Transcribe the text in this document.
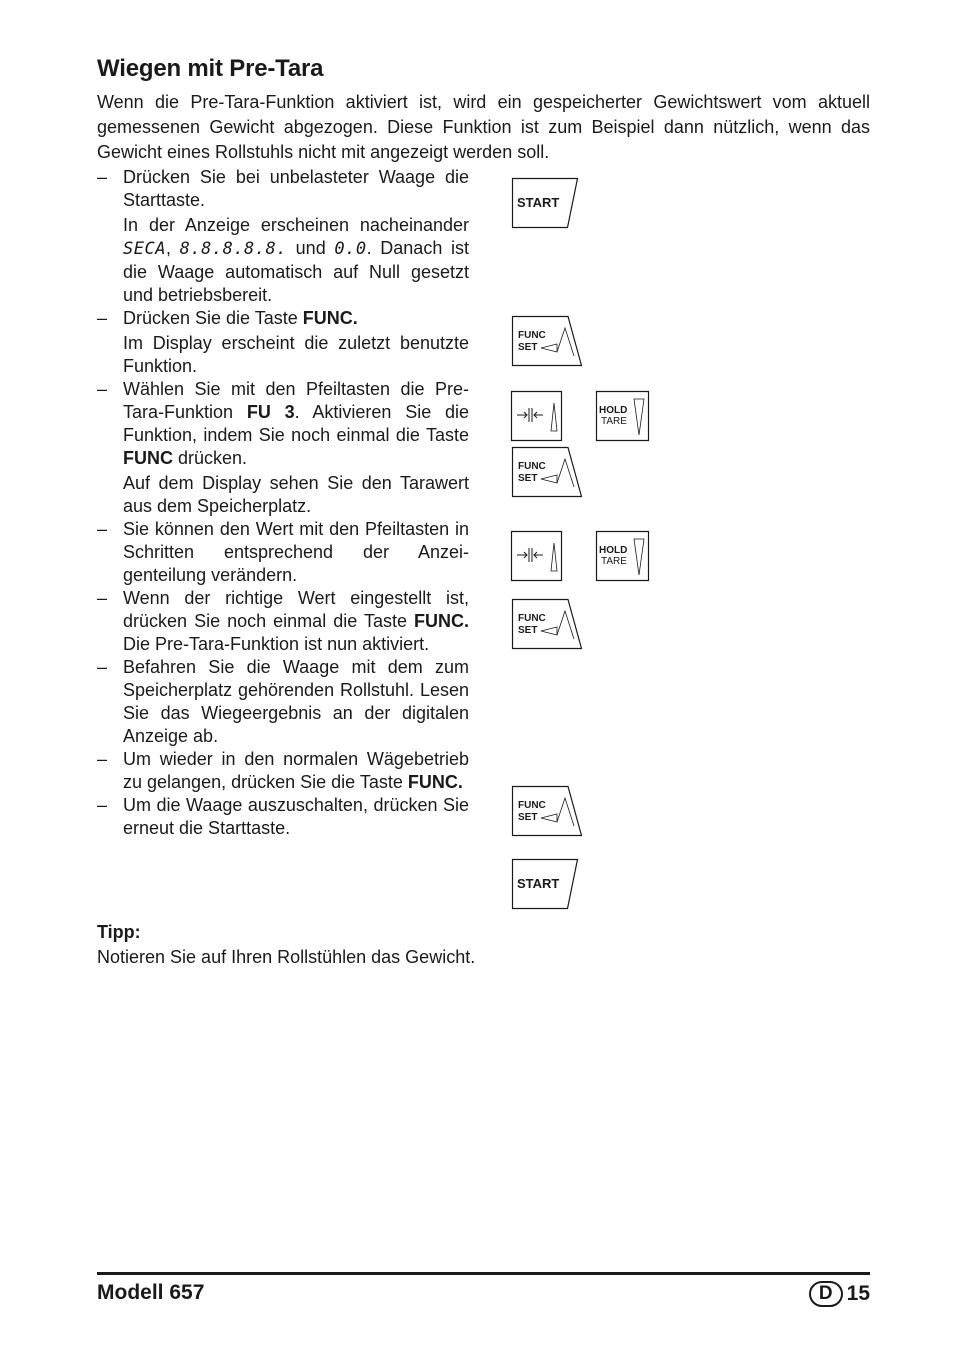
Wiegen mit Pre-Tara

Wenn die Pre-Tara-Funktion aktiviert ist, wird ein gespeicherter Gewichtswert vom aktuell gemessenen Gewicht abgezogen. Diese Funktion ist zum Beispiel dann nützlich, wenn das Gewicht eines Rollstuhls nicht mit angezeigt werden soll.

– Drücken Sie bei unbelasteter Waage die Starttaste.

In der Anzeige erscheinen nacheinander SECA, 8.8.8.8.8. und 0.0. Danach ist die Waage automatisch auf Null gesetzt und betriebsbereit.

– Drücken Sie die Taste FUNC.

Im Display erscheint die zuletzt benutzte Funktion.

– Wählen Sie mit den Pfeiltasten die Pre-Tara-Funktion FU 3. Aktivieren Sie die Funktion, indem Sie noch einmal die Taste FUNC drücken.

Auf dem Display sehen Sie den Tarawert aus dem Speicherplatz.

– Sie können den Wert mit den Pfeiltasten in Schritten entsprechend der Anzeigenteilung verändern.

– Wenn der richtige Wert eingestellt ist, drücken Sie noch einmal die Taste FUNC. Die Pre-Tara-Funktion ist nun aktiviert.

– Befahren Sie die Waage mit dem zum Speicherplatz gehörenden Rollstuhl. Lesen Sie das Wiegeergebnis an der digitalen Anzeige ab.

– Um wieder in den normalen Wägebetrieb zu gelangen, drücken Sie die Taste FUNC.

– Um die Waage auszuschalten, drücken Sie erneut die Starttaste.

START
FUNC
SET
HOLD
TARE
FUNC
SET
HOLD
TARE
FUNC
SET
FUNC
SET
START

Tipp:

Notieren Sie auf Ihren Rollstühlen das Gewicht.

Modell 657	D 15
